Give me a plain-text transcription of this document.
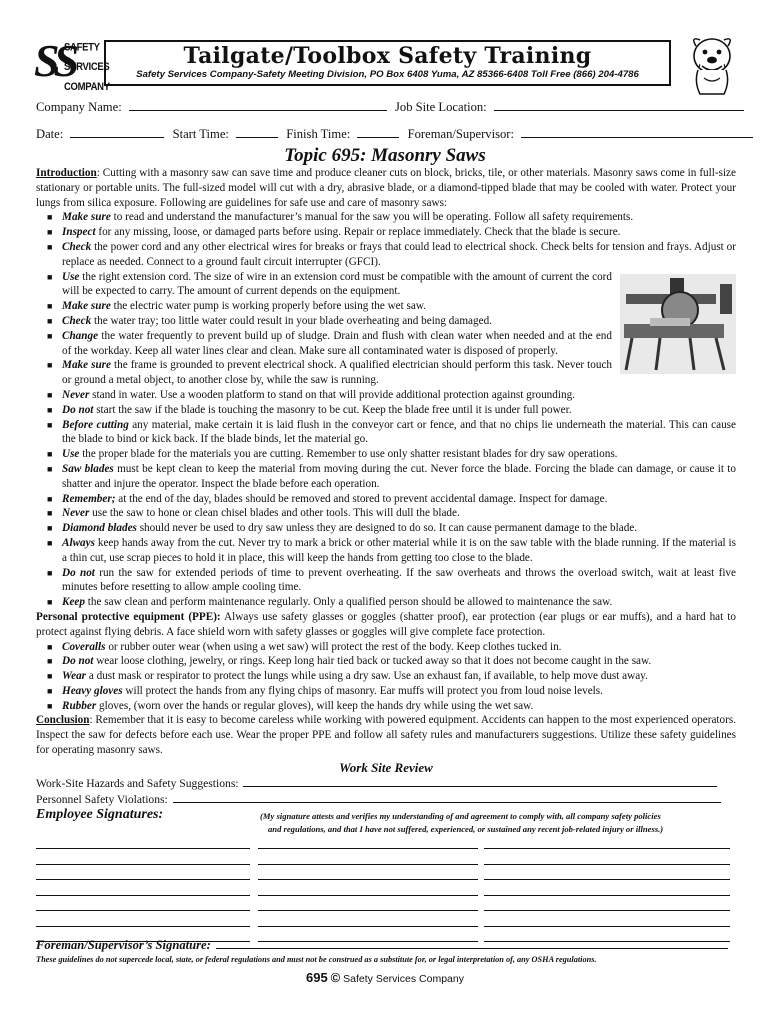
SS
SAFETY
SERVICES
COMPANY
Tailgate/Toolbox Safety Training
Safety Services Company-Safety Meeting Division, PO Box 6408 Yuma, AZ 85366-6408 Toll Free (866) 204-4786
Company Name:	Job Site Location:
Date:	Start Time:	Finish Time:	Foreman/Supervisor:
Topic 695: Masonry Saws

Introduction: Cutting with a masonry saw can save time and produce cleaner cuts on block, bricks, tile, or other materials. Masonry saws come in full-size stationary or portable units. The full-sized model will cut with a dry, abrasive blade, or a diamond-tipped blade that may be cooled with water. Protect your lungs from silica exposure. Following are guidelines for safe use and care of masonry saws:

■ Make sure to read and understand the manufacturer’s manual for the saw you will be operating. Follow all safety requirements.
■ Inspect for any missing, loose, or damaged parts before using. Repair or replace immediately. Check that the blade is secure.
■ Check the power cord and any other electrical wires for breaks or frays that could lead to electrical shock. Check belts for tension and frays. Adjust or replace as needed. Connect to a ground fault circuit interrupter (GFCI).
■ Use the right extension cord. The size of wire in an extension cord must be compatible with the amount of current the cord will be expected to carry. The amount of current depends on the equipment.
■ Make sure the electric water pump is working properly before using the wet saw.
■ Check the water tray; too little water could result in your blade overheating and being damaged.
■ Change the water frequently to prevent build up of sludge. Drain and flush with clean water when needed and at the end of the workday. Keep all water lines clear and clean. Make sure all contaminated water is disposed of properly.
■ Make sure the frame is grounded to prevent electrical shock. A qualified electrician should perform this task. Never touch or ground a metal object, to another close by, while the saw is running.
■ Never stand in water. Use a wooden platform to stand on that will provide additional protection against grounding.
■ Do not start the saw if the blade is touching the masonry to be cut. Keep the blade free until it is under full power.
■ Before cutting any material, make certain it is laid flush in the conveyor cart or fence, and that no chips lie underneath the material. This can cause the blade to bind or kick back. If the blade binds, let the material go.
■ Use the proper blade for the materials you are cutting. Remember to use only shatter resistant blades for dry saw operations.
■ Saw blades must be kept clean to keep the material from moving during the cut. Never force the blade. Forcing the blade can damage, or cause it to shatter and injure the operator. Inspect the blade before each operation.
■ Remember; at the end of the day, blades should be removed and stored to prevent accidental damage. Inspect for damage.
■ Never use the saw to hone or clean chisel blades and other tools. This will dull the blade.
■ Diamond blades should never be used to dry saw unless they are designed to do so. It can cause permanent damage to the blade.
■ Always keep hands away from the cut. Never try to mark a brick or other material while it is on the saw table with the blade running. If the material is a thin cut, use scrap pieces to hold it in place, this will keep the hands from getting too close to the blade.
■ Do not run the saw for extended periods of time to prevent overheating. If the saw overheats and throws the overload switch, wait at least five minutes before resetting to allow ample cooling time.
■ Keep the saw clean and perform maintenance regularly. Only a qualified person should be allowed to maintenance the saw.

Personal protective equipment (PPE): Always use safety glasses or goggles (shatter proof), ear protection (ear plugs or ear muffs), and a hard hat to protect against flying debris. A face shield worn with safety glasses or goggles will give complete face protection.

■ Coveralls or rubber outer wear (when using a wet saw) will protect the rest of the body. Keep clothes tucked in.
■ Do not wear loose clothing, jewelry, or rings. Keep long hair tied back or tucked away so that it does not become caught in the saw.
■ Wear a dust mask or respirator to protect the lungs while using a dry saw. Use an exhaust fan, if available, to help move dust away.
■ Heavy gloves will protect the hands from any flying chips of masonry. Ear muffs will protect you from loud noise levels.
■ Rubber gloves, (worn over the hands or regular gloves), will keep the hands dry while using the wet saw.

Conclusion: Remember that it is easy to become careless while working with powered equipment. Accidents can happen to the most experienced operators. Inspect the saw for defects before each use. Wear the proper PPE and follow all safety rules and manufacturers suggestions. Utilize these safety guidelines for operating masonry saws.

Work Site Review
Work-Site Hazards and Safety Suggestions:
Personnel Safety Violations:
Employee Signatures:	(My signature attests and verifies my understanding of and agreement to comply with, all company safety policies
and regulations, and that I have not suffered, experienced, or sustained any recent job-related injury or illness.)
Foreman/Supervisor’s Signature:
These guidelines do not supercede local, state, or federal regulations and must not be construed as a substitute for, or legal interpretation of, any OSHA regulations.
695 © Safety Services Company
